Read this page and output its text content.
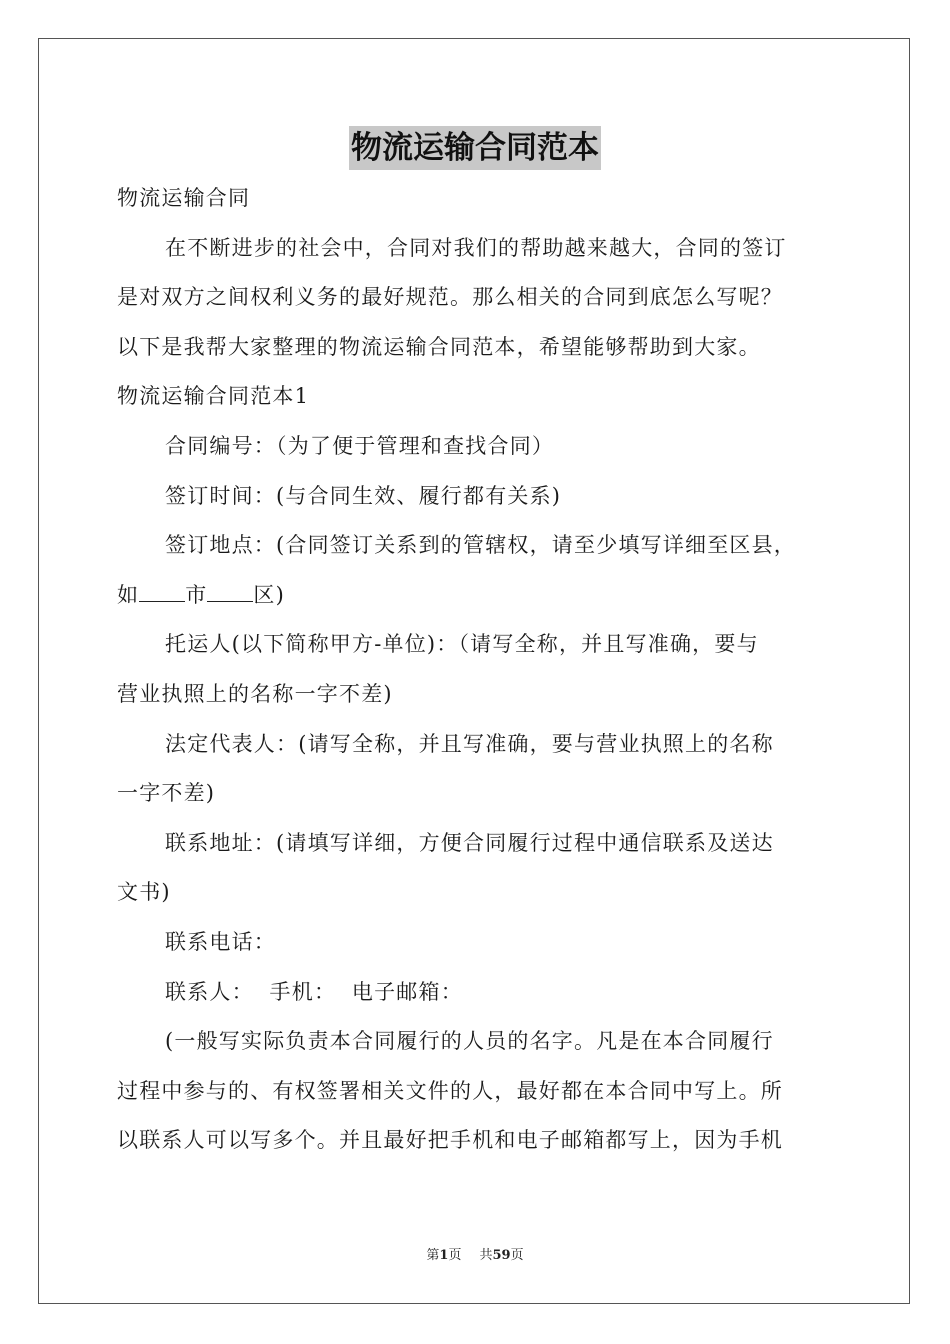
物流运输合同范本
物流运输合同
在不断进步的社会中，合同对我们的帮助越来越大，合同的签订
是对双方之间权利义务的最好规范。那么相关的合同到底怎么写呢？
以下是我帮大家整理的物流运输合同范本，希望能够帮助到大家。
物流运输合同范本1
合同编号：（为了便于管理和查找合同）
签订时间：(与合同生效、履行都有关系)
签订地点：(合同签订关系到的管辖权，请至少填写详细至区县，
如 市 区)
托运人(以下简称甲方-单位)：（请写全称，并且写准确，要与
营业执照上的名称一字不差)
法定代表人：(请写全称，并且写准确，要与营业执照上的名称
一字不差)
联系地址：(请填写详细，方便合同履行过程中通信联系及送达
文书)
联系电话：
联系人：  手机：  电子邮箱：
(一般写实际负责本合同履行的人员的名字。凡是在本合同履行
过程中参与的、有权签署相关文件的人，最好都在本合同中写上。所
以联系人可以写多个。并且最好把手机和电子邮箱都写上，因为手机
第1页 共59页
